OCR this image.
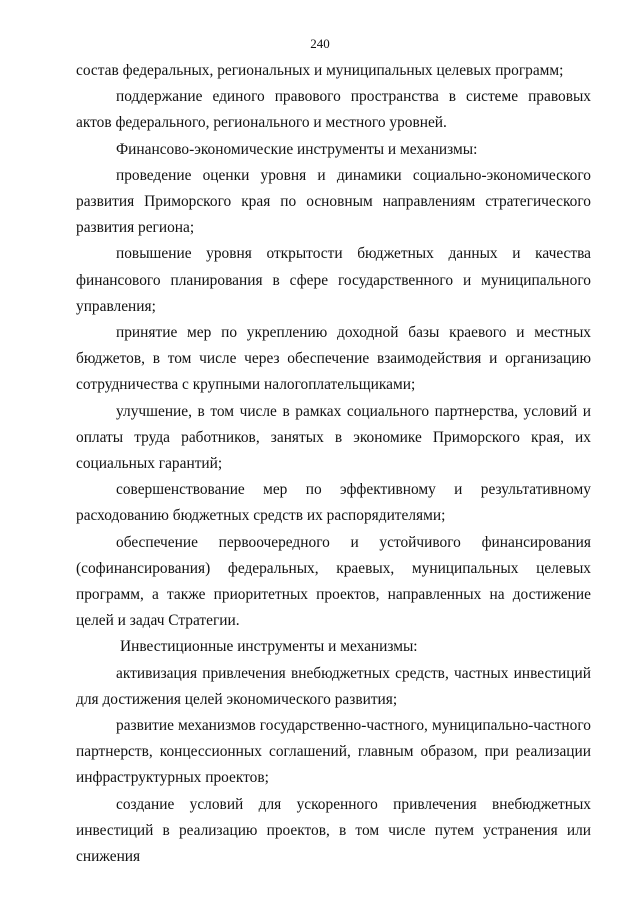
240

состав федеральных, региональных и муниципальных целевых программ;

поддержание единого правового пространства в системе правовых актов федерального, регионального и местного уровней.

Финансово-экономические инструменты и механизмы:

проведение оценки уровня и динамики социально-экономического развития Приморского края по основным направлениям стратегического развития региона;

повышение уровня открытости бюджетных данных и качества финансового планирования в сфере государственного и муниципального управления;

принятие мер по укреплению доходной базы краевого и местных бюджетов, в том числе через обеспечение взаимодействия и организацию сотрудничества с крупными налогоплательщиками;

улучшение, в том числе в рамках социального партнерства, условий и оплаты труда работников, занятых в экономике Приморского края, их социальных гарантий;

совершенствование мер по эффективному и результативному расходованию бюджетных средств их распорядителями;

обеспечение первоочередного и устойчивого финансирования (софинансирования) федеральных, краевых, муниципальных целевых программ, а также приоритетных проектов, направленных на достижение целей и задач Стратегии.

Инвестиционные инструменты и механизмы:

активизация привлечения внебюджетных средств, частных инвестиций для достижения целей экономического развития;

развитие механизмов государственно-частного, муниципально-частного партнерств, концессионных соглашений, главным образом, при реализации инфраструктурных проектов;

создание условий для ускоренного привлечения внебюджетных инвестиций в реализацию проектов, в том числе путем устранения или снижения
